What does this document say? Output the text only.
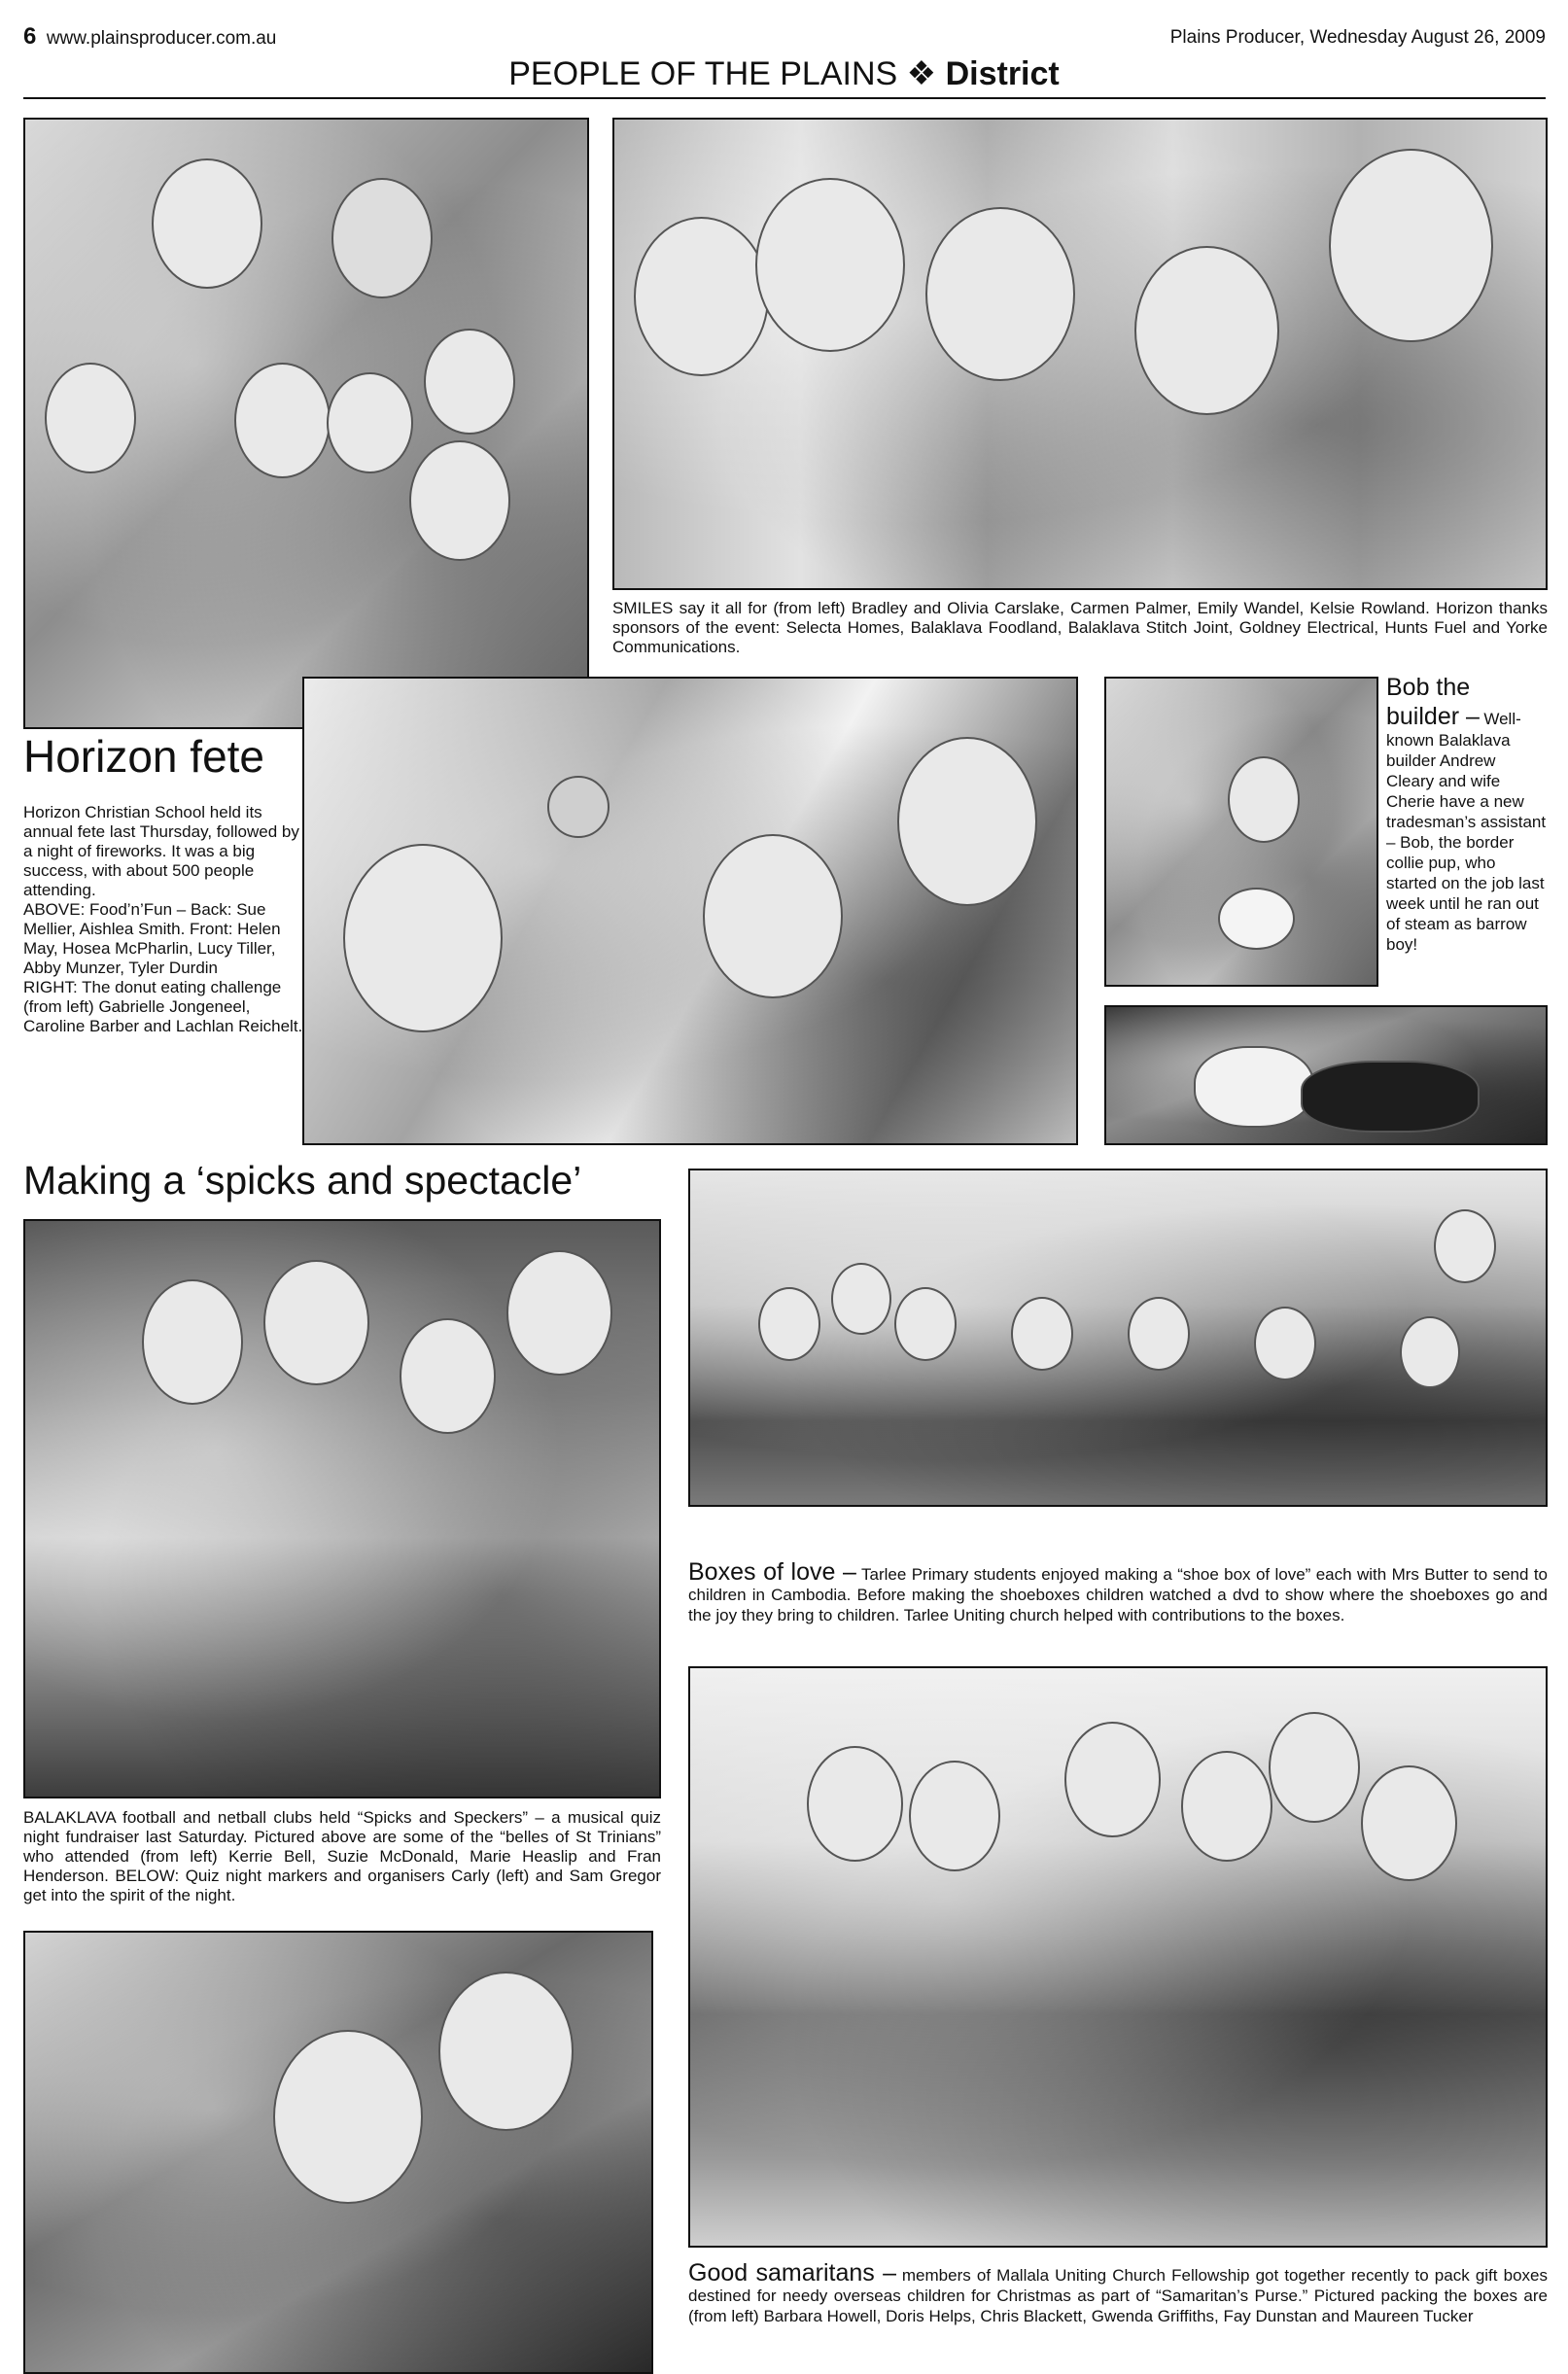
6 www.plainsproducer.com.au	Plains Producer, Wednesday August 26, 2009
PEOPLE OF THE PLAINS ❖ District
SMILES say it all for (from left) Bradley and Olivia Carslake, Carmen Palmer, Emily Wandel, Kelsie Rowland. Horizon thanks sponsors of the event: Selecta Homes, Balaklava Foodland, Balaklava Stitch Joint, Goldney Electrical, Hunts Fuel and Yorke Communications.
Horizon fete
Horizon Christian School held its annual fete last Thursday, followed by a night of fireworks. It was a big success, with about 500 people attending.
ABOVE: Food’n’Fun – Back: Sue Mellier, Aishlea Smith. Front: Helen May, Hosea McPharlin, Lucy Tiller, Abby Munzer, Tyler Durdin
RIGHT: The donut eating challenge (from left) Gabrielle Jongeneel, Caroline Barber and Lachlan Reichelt.
Bob the builder – Well-known Balaklava builder Andrew Cleary and wife Cherie have a new tradesman’s assistant – Bob, the border collie pup, who started on the job last week until he ran out of steam as barrow boy!
Making a ‘spicks and spectacle’
BALAKLAVA football and netball clubs held “Spicks and Speckers” – a musical quiz night fundraiser last Saturday. Pictured above are some of the “belles of St Trinians” who attended (from left) Kerrie Bell, Suzie McDonald, Marie Heaslip and Fran Henderson. BELOW: Quiz night markers and organisers Carly (left) and Sam Gregor get into the spirit of the night.
Boxes of love – Tarlee Primary students enjoyed making a “shoe box of love” each with Mrs Butter to send to children in Cambodia. Before making the shoeboxes children watched a dvd to show where the shoeboxes go and the joy they bring to children. Tarlee Uniting church helped with contributions to the boxes.
Good samaritans – members of Mallala Uniting Church Fellowship got together recently to pack gift boxes destined for needy overseas children for Christmas as part of “Samaritan’s Purse.” Pictured packing the boxes are (from left) Barbara Howell, Doris Helps, Chris Blackett, Gwenda Griffiths, Fay Dunstan and Maureen Tucker
